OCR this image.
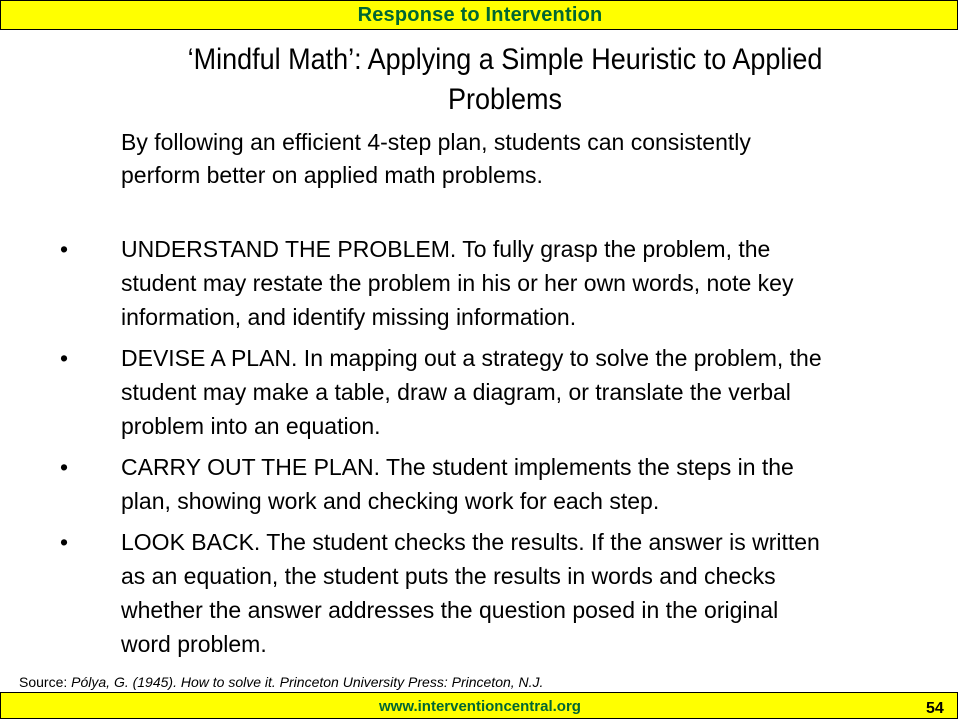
Response to Intervention
‘Mindful Math’: Applying a Simple Heuristic to Applied
Problems
By following an efficient 4-step plan, students can consistently
perform better on applied math problems.
• UNDERSTAND THE PROBLEM. To fully grasp the problem, the
student may restate the problem in his or her own words, note key
information, and identify missing information.
• DEVISE A PLAN. In mapping out a strategy to solve the problem, the
student may make a table, draw a diagram, or translate the verbal
problem into an equation.
• CARRY OUT THE PLAN. The student implements the steps in the
plan, showing work and checking work for each step.
• LOOK BACK. The student checks the results. If the answer is written
as an equation, the student puts the results in words and checks
whether the answer addresses the question posed in the original
word problem.
Source: Pólya, G. (1945). How to solve it. Princeton University Press: Princeton, N.J.
www.interventioncentral.org	54
